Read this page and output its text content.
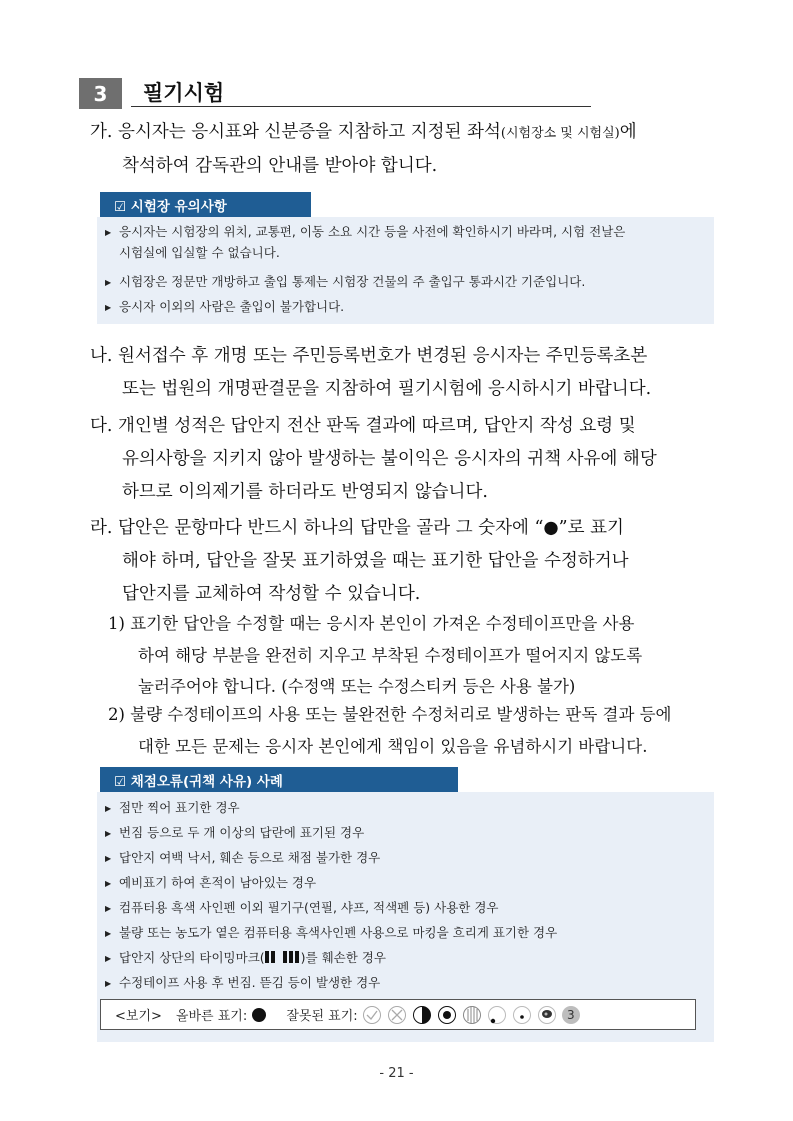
3	필기시험
가. 응시자는 응시표와 신분증을 지참하고 지정된 좌석(시험장소 및 시험실)에
착석하여 감독관의 안내를 받아야 합니다.
☑ 시험장 유의사항
▶ 응시자는 시험장의 위치, 교통편, 이동 소요 시간 등을 사전에 확인하시기 바라며, 시험 전날은
시험실에 입실할 수 없습니다.
▶ 시험장은 정문만 개방하고 출입 통제는 시험장 건물의 주 출입구 통과시간 기준입니다.
▶ 응시자 이외의 사람은 출입이 불가합니다.
나. 원서접수 후 개명 또는 주민등록번호가 변경된 응시자는 주민등록초본
또는 법원의 개명판결문을 지참하여 필기시험에 응시하시기 바랍니다.
다. 개인별 성적은 답안지 전산 판독 결과에 따르며, 답안지 작성 요령 및
유의사항을 지키지 않아 발생하는 불이익은 응시자의 귀책 사유에 해당
하므로 이의제기를 하더라도 반영되지 않습니다.
라. 답안은 문항마다 반드시 하나의 답만을 골라 그 숫자에 “●”로 표기
해야 하며, 답안을 잘못 표기하였을 때는 표기한 답안을 수정하거나
답안지를 교체하여 작성할 수 있습니다.
1) 표기한 답안을 수정할 때는 응시자 본인이 가져온 수정테이프만을 사용
하여 해당 부분을 완전히 지우고 부착된 수정테이프가 떨어지지 않도록
눌러주어야 합니다. (수정액 또는 수정스티커 등은 사용 불가)
2) 불량 수정테이프의 사용 또는 불완전한 수정처리로 발생하는 판독 결과 등에
대한 모든 문제는 응시자 본인에게 책임이 있음을 유념하시기 바랍니다.
☑ 채점오류(귀책 사유) 사례
▶ 점만 찍어 표기한 경우
▶ 번짐 등으로 두 개 이상의 답란에 표기된 경우
▶ 답안지 여백 낙서, 훼손 등으로 채점 불가한 경우
▶ 예비표기 하여 흔적이 남아있는 경우
▶ 컴퓨터용 흑색 사인펜 이외 필기구(연필, 샤프, 적색펜 등) 사용한 경우
▶ 불량 또는 농도가 옅은 컴퓨터용 흑색사인펜 사용으로 마킹을 흐리게 표기한 경우
▶ 답안지 상단의 타이밍마크(	)를 훼손한 경우
▶ 수정테이프 사용 후 번짐. 뜯김 등이 발생한 경우
<보기> 올바른 표기:
	잘못된 표기:
	3
- 21 -
